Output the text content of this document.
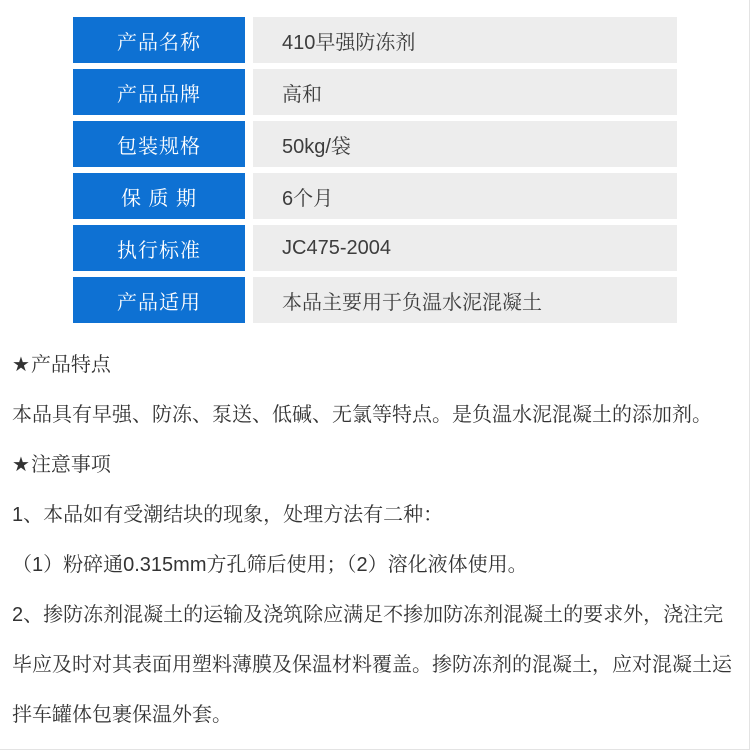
产品名称	410早强防冻剂
产品品牌	高和
包装规格	50kg/袋
保 质 期	6个月
执行标准	JC475-2004
产品适用	本品主要用于负温水泥混凝土
★产品特点
本品具有早强、防冻、泵送、低碱、无氯等特点。是负温水泥混凝土的添加剂。
★注意事项
1、本品如有受潮结块的现象，处理方法有二种：
（1）粉碎通0.315mm方孔筛后使用；（2）溶化液体使用。
2、掺防冻剂混凝土的运输及浇筑除应满足不掺加防冻剂混凝土的要求外，浇注完毕应及时对其表面用塑料薄膜及保温材料覆盖。掺防冻剂的混凝土，应对混凝土运拌车罐体包裹保温外套。
